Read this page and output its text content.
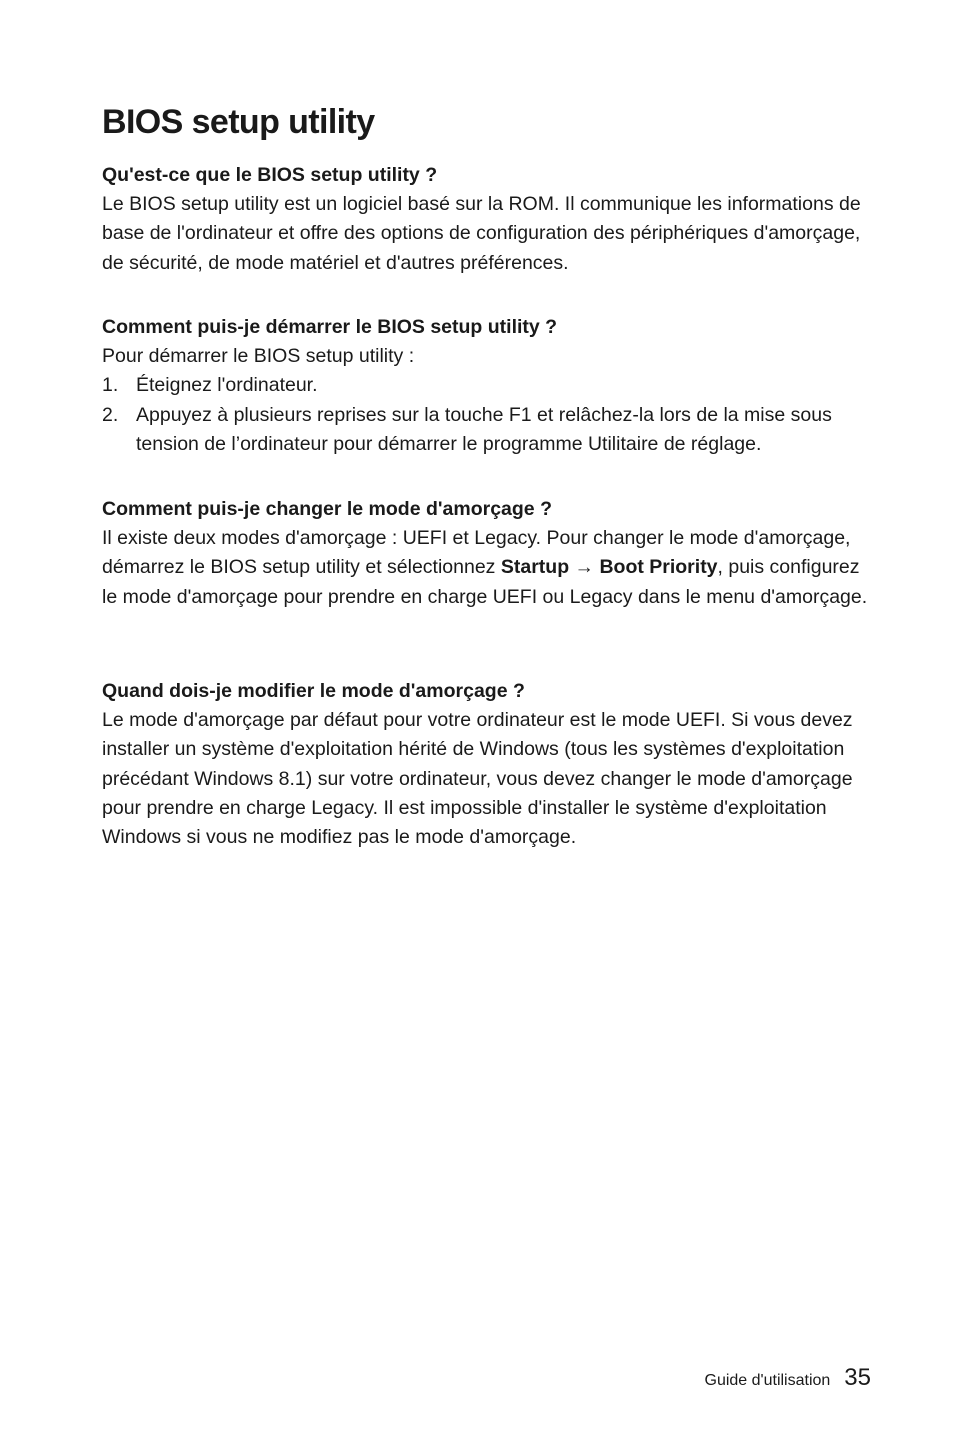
BIOS setup utility
Qu'est-ce que le BIOS setup utility ?

Le BIOS setup utility est un logiciel basé sur la ROM. Il communique les informations de base de l'ordinateur et offre des options de configuration des périphériques d'amorçage, de sécurité, de mode matériel et d'autres préférences.

Comment puis-je démarrer le BIOS setup utility ?

Pour démarrer le BIOS setup utility :

1. Éteignez l'ordinateur.
2. Appuyez à plusieurs reprises sur la touche F1 et relâchez-la lors de la mise sous tension de l’ordinateur pour démarrer le programme Utilitaire de réglage.
Comment puis-je changer le mode d'amorçage ?

Il existe deux modes d'amorçage : UEFI et Legacy. Pour changer le mode d'amorçage, démarrez le BIOS setup utility et sélectionnez Startup → Boot Priority, puis configurez le mode d'amorçage pour prendre en charge UEFI ou Legacy dans le menu d'amorçage.

Quand dois-je modifier le mode d'amorçage ?

Le mode d'amorçage par défaut pour votre ordinateur est le mode UEFI. Si vous devez installer un système d'exploitation hérité de Windows (tous les systèmes d'exploitation précédant Windows 8.1) sur votre ordinateur, vous devez changer le mode d'amorçage pour prendre en charge Legacy. Il est impossible d'installer le système d'exploitation Windows si vous ne modifiez pas le mode d'amorçage.

Guide d'utilisation 35
